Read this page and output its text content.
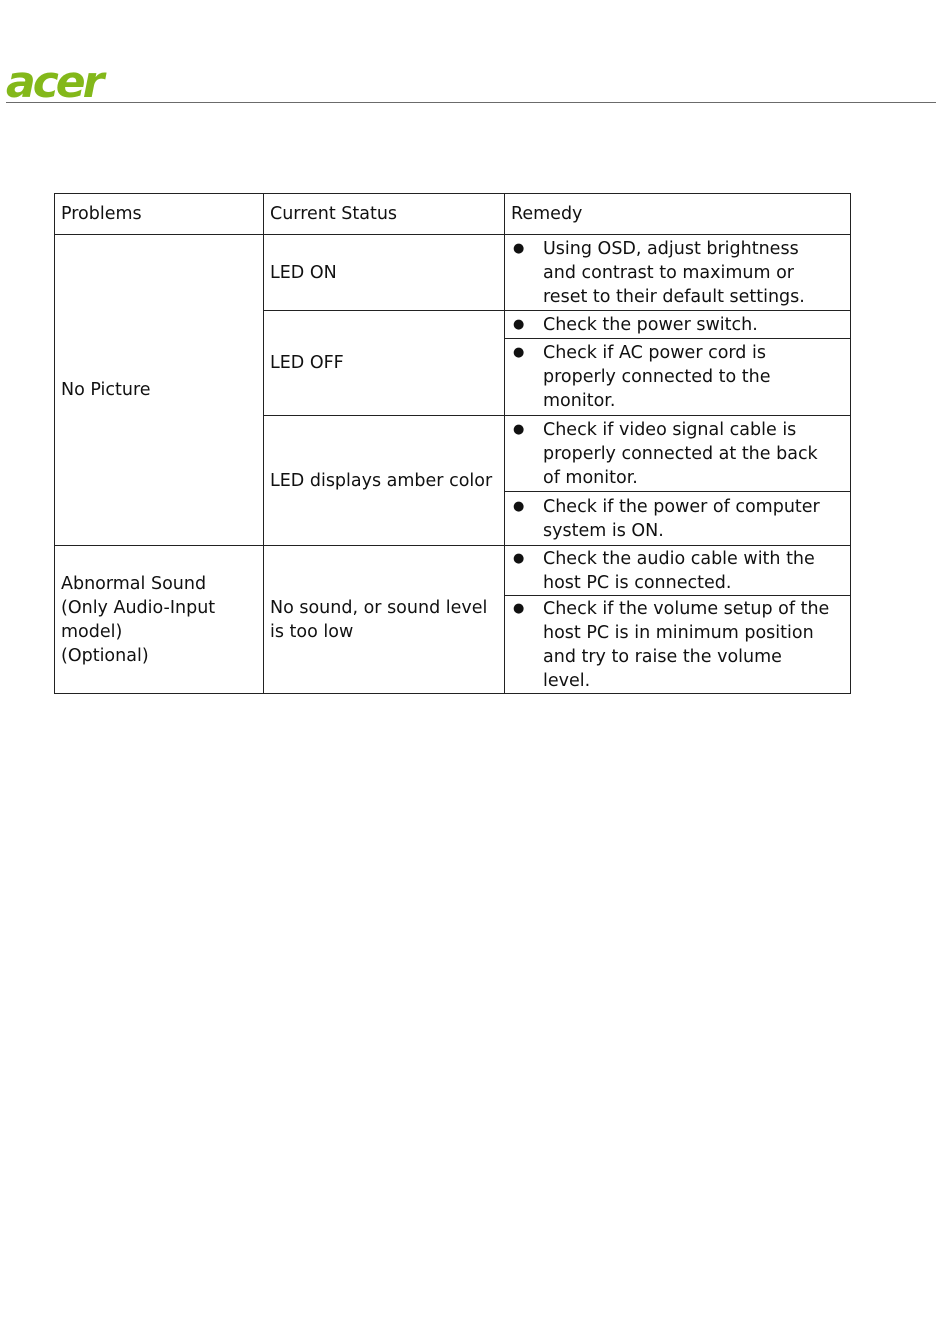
acer
Problems	Current Status	Remedy
No Picture	LED ON	● Using OSD, adjust brightness
and contrast to maximum or
reset to their default settings.

	LED OFF	● Check the power switch.

		● Check if AC power cord is
properly connected to the
monitor.

	LED displays amber color	● Check if video signal cable is
properly connected at the back
of monitor.

		● Check if the power of computer
system is ON.

Abnormal Sound
(Only Audio-Input
model)
(Optional)	No sound, or sound level
is too low	● Check the audio cable with the
host PC is connected.

		● Check if the volume setup of the
host PC is in minimum position
and try to raise the volume
level.
